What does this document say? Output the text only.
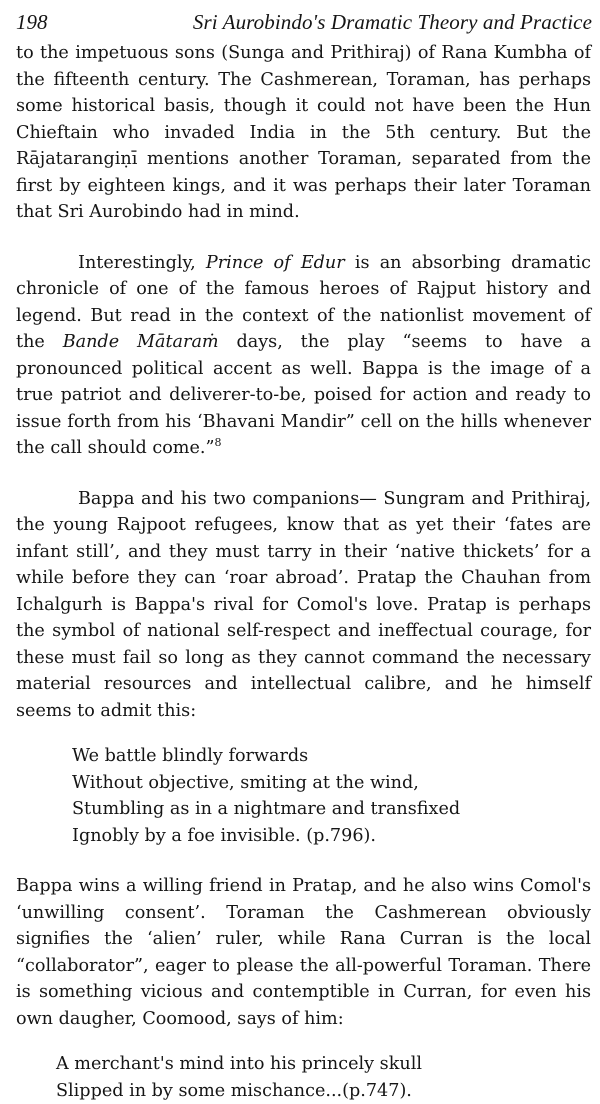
198	Sri Aurobindo's Dramatic Theory and Practice

to the impetuous sons (Sunga and Prithiraj) of Rana Kumbha of the fifteenth century. The Cashmerean, Toraman, has perhaps some historical basis, though it could not have been the Hun Chieftain who invaded India in the 5th century. But the Rājatarangiṇī mentions another Toraman, separated from the first by eighteen kings, and it was perhaps their later Toraman that Sri Aurobindo had in mind.

Interestingly, Prince of Edur is an absorbing dramatic chronicle of one of the famous heroes of Rajput history and legend. But read in the context of the nationlist movement of the Bande Mātaraṁ days, the play “seems to have a pronounced political accent as well. Bappa is the image of a true patriot and deliverer-to-be, poised for action and ready to issue forth from his ‘Bhavani Mandir” cell on the hills whenever the call should come.”$^8$

Bappa and his two companions— Sungram and Prithiraj, the young Rajpoot refugees, know that as yet their ‘fates are infant still’, and they must tarry in their ‘native thickets’ for a while before they can ‘roar abroad’. Pratap the Chauhan from Ichalgurh is Bappa's rival for Comol's love. Pratap is perhaps the symbol of national self-respect and ineffectual courage, for these must fail so long as they cannot command the necessary material resources and intellectual calibre, and he himself seems to admit this:

We battle blindly forwards
Without objective, smiting at the wind,
Stumbling as in a nightmare and transfixed
Ignobly by a foe invisible. (p.796).

Bappa wins a willing friend in Pratap, and he also wins Comol's ‘unwilling consent’. Toraman the Cashmerean obviously signifies the ‘alien’ ruler, while Rana Curran is the local “collaborator”, eager to please the all-powerful Toraman. There is something vicious and contemptible in Curran, for even his own daugher, Coomood, says of him:

A merchant's mind into his princely skull
Slipped in by some mischance...(p.747).
